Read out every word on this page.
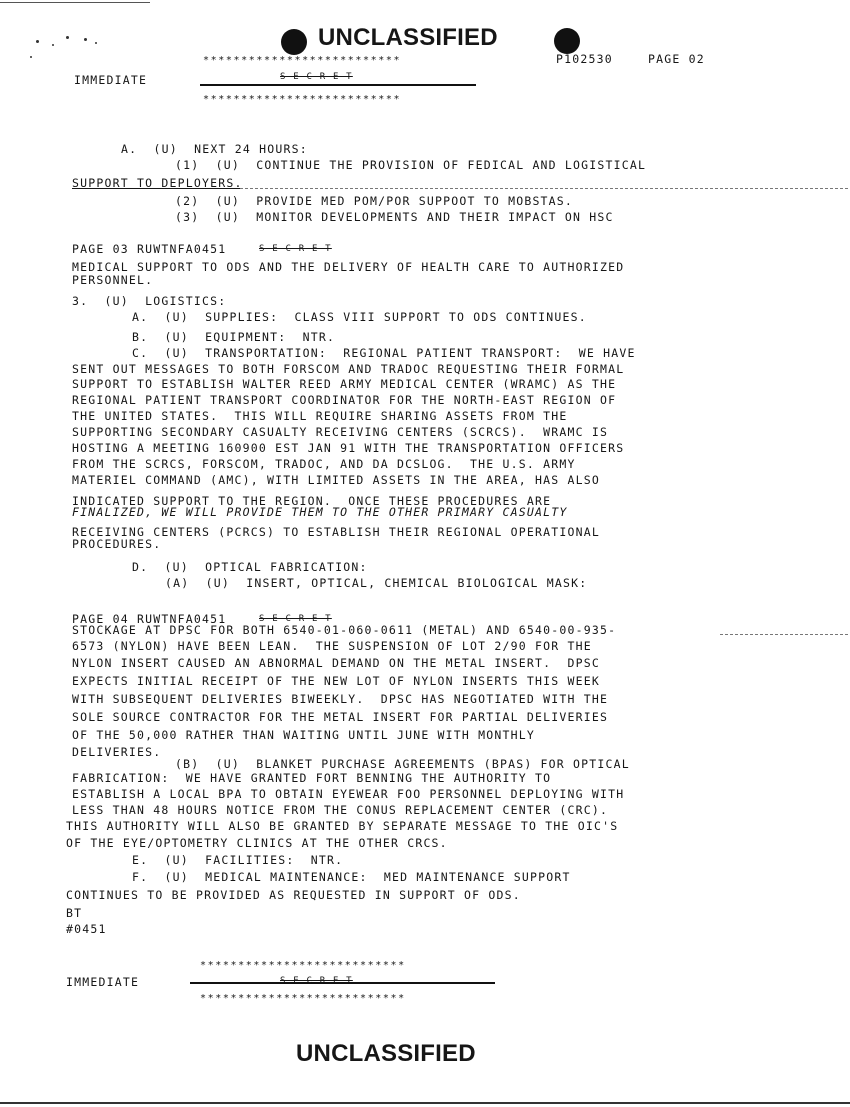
UNCLASSIFIED
**************************	P102530	PAGE 02
IMMEDIATE	S E C R E T
**************************
A.  (U)  NEXT 24 HOURS:
(1)  (U)  CONTINUE THE PROVISION OF FEDICAL AND LOGISTICAL
SUPPORT TO DEPLOYERS.
(2)  (U)  PROVIDE MED POM/POR SUPPOOT TO MOBSTAS.
(3)  (U)  MONITOR DEVELOPMENTS AND THEIR IMPACT ON HSC
PAGE 03 RUWTNFA0451	S E C R E T
MEDICAL SUPPORT TO ODS AND THE DELIVERY OF HEALTH CARE TO AUTHORIZED
PERSONNEL.
3.  (U)  LOGISTICS:
A.  (U)  SUPPLIES:  CLASS VIII SUPPORT TO ODS CONTINUES.
B.  (U)  EQUIPMENT:  NTR.
C.  (U)  TRANSPORTATION:  REGIONAL PATIENT TRANSPORT:  WE HAVE
SENT OUT MESSAGES TO BOTH FORSCOM AND TRADOC REQUESTING THEIR FORMAL
SUPPORT TO ESTABLISH WALTER REED ARMY MEDICAL CENTER (WRAMC) AS THE
REGIONAL PATIENT TRANSPORT COORDINATOR FOR THE NORTH-EAST REGION OF
THE UNITED STATES.  THIS WILL REQUIRE SHARING ASSETS FROM THE
SUPPORTING SECONDARY CASUALTY RECEIVING CENTERS (SCRCS).  WRAMC IS
HOSTING A MEETING 160900 EST JAN 91 WITH THE TRANSPORTATION OFFICERS
FROM THE SCRCS, FORSCOM, TRADOC, AND DA DCSLOG.  THE U.S. ARMY
MATERIEL COMMAND (AMC), WITH LIMITED ASSETS IN THE AREA, HAS ALSO
INDICATED SUPPORT TO THE REGION.  ONCE THESE PROCEDURES ARE
FINALIZED, WE WILL PROVIDE THEM TO THE OTHER PRIMARY CASUALTY
RECEIVING CENTERS (PCRCS) TO ESTABLISH THEIR REGIONAL OPERATIONAL
PROCEDURES.
D.  (U)  OPTICAL FABRICATION:
(A)  (U)  INSERT, OPTICAL, CHEMICAL BIOLOGICAL MASK:
PAGE 04 RUWTNFA0451	S E C R E T
STOCKAGE AT DPSC FOR BOTH 6540-01-060-0611 (METAL) AND 6540-00-935-
6573 (NYLON) HAVE BEEN LEAN.  THE SUSPENSION OF LOT 2/90 FOR THE
NYLON INSERT CAUSED AN ABNORMAL DEMAND ON THE METAL INSERT.  DPSC
EXPECTS INITIAL RECEIPT OF THE NEW LOT OF NYLON INSERTS THIS WEEK
WITH SUBSEQUENT DELIVERIES BIWEEKLY.  DPSC HAS NEGOTIATED WITH THE
SOLE SOURCE CONTRACTOR FOR THE METAL INSERT FOR PARTIAL DELIVERIES
OF THE 50,000 RATHER THAN WAITING UNTIL JUNE WITH MONTHLY
DELIVERIES.
(B)  (U)  BLANKET PURCHASE AGREEMENTS (BPAS) FOR OPTICAL
FABRICATION:  WE HAVE GRANTED FORT BENNING THE AUTHORITY TO
ESTABLISH A LOCAL BPA TO OBTAIN EYEWEAR FOO PERSONNEL DEPLOYING WITH
LESS THAN 48 HOURS NOTICE FROM THE CONUS REPLACEMENT CENTER (CRC).
THIS AUTHORITY WILL ALSO BE GRANTED BY SEPARATE MESSAGE TO THE OIC'S
OF THE EYE/OPTOMETRY CLINICS AT THE OTHER CRCS.
E.  (U)  FACILITIES:  NTR.
F.  (U)  MEDICAL MAINTENANCE:  MED MAINTENANCE SUPPORT
CONTINUES TO BE PROVIDED AS REQUESTED IN SUPPORT OF ODS.
BT
#0451
***************************
IMMEDIATE	S E C R E T
***************************
UNCLASSIFIED
